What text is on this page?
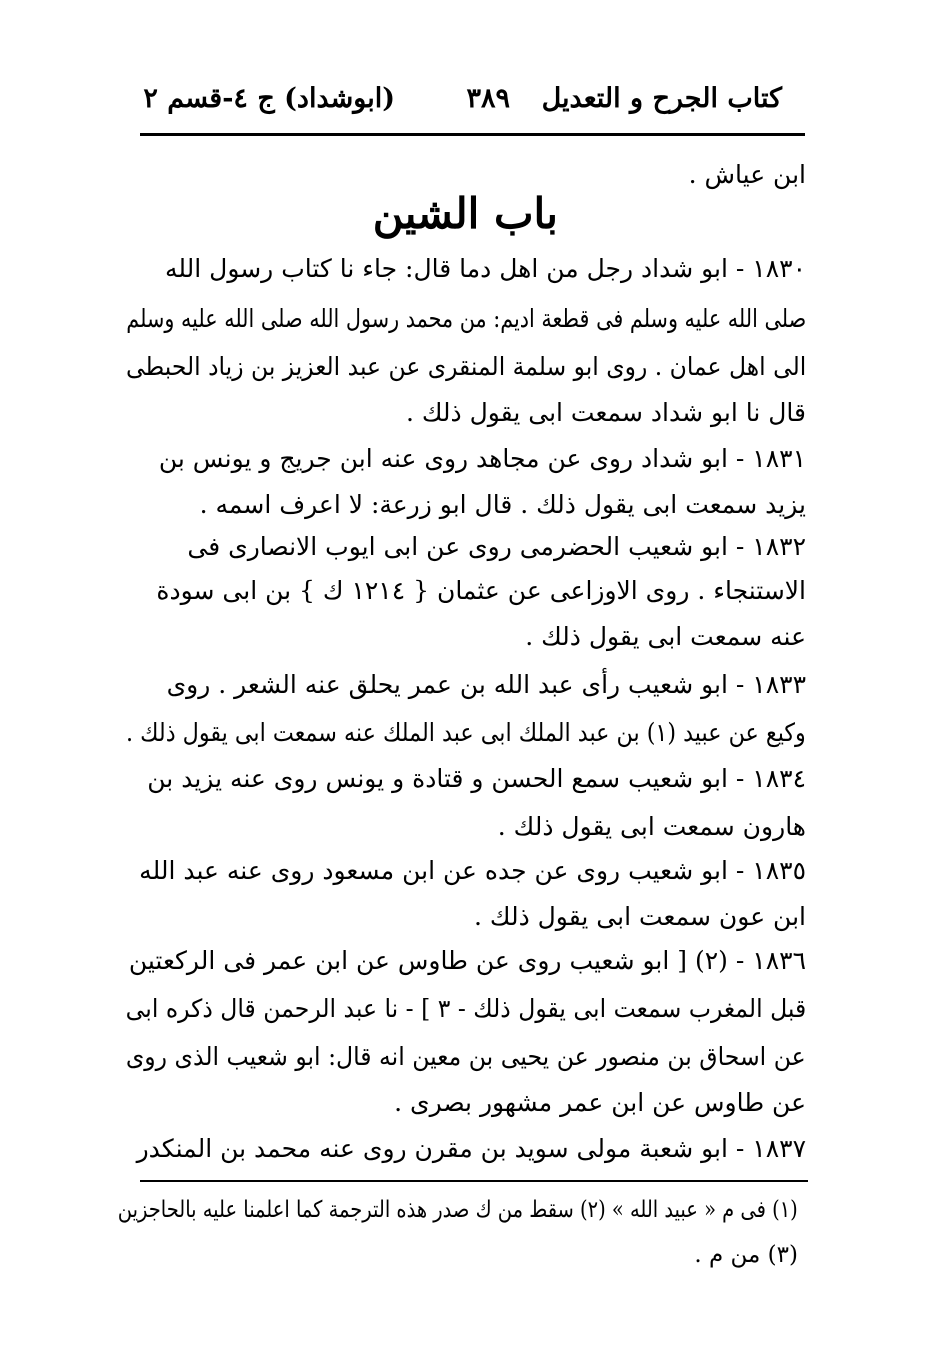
كتاب الجرح و التعديل
٣٨٩
(ابوشداد) ج ٤-قسم ٢
ابن عياش .
باب الشين
١٨٣٠ - ابو شداد رجل من اهل دما قال: جاء نا كتاب رسول الله
صلى الله عليه وسلم فى قطعة اديم: من محمد رسول الله صلى الله عليه وسلم
الى اهل عمان . روى ابو سلمة المنقرى عن عبد العزيز بن زياد الحبطى
قال نا ابو شداد سمعت ابى يقول ذلك .
١٨٣١ - ابو شداد روى عن مجاهد روى عنه ابن جريج و يونس بن
يزيد سمعت ابى يقول ذلك . قال ابو زرعة: لا اعرف اسمه .
١٨٣٢ - ابو شعيب الحضرمى روى عن ابى ايوب الانصارى فى
الاستنجاء . روى الاوزاعى عن عثمان { ١٢١٤ ك } بن ابى سودة
عنه سمعت ابى يقول ذلك .
١٨٣٣ - ابو شعيب رأى عبد الله بن عمر يحلق عنه الشعر . روى
وكيع عن عبيد (١) بن عبد الملك ابى عبد الملك عنه سمعت ابى يقول ذلك .
١٨٣٤ - ابو شعيب سمع الحسن و قتادة و يونس روى عنه يزيد بن
هارون سمعت ابى يقول ذلك .
١٨٣٥ - ابو شعيب روى عن جده عن ابن مسعود روى عنه عبد الله
ابن عون سمعت ابى يقول ذلك .
١٨٣٦ - (٢) [ ابو شعيب روى عن طاوس عن ابن عمر فى الركعتين
قبل المغرب سمعت ابى يقول ذلك - ٣ ] - نا عبد الرحمن قال ذكره ابى
عن اسحاق بن منصور عن يحيى بن معين انه قال: ابو شعيب الذى روى
عن طاوس عن ابن عمر مشهور بصرى .
١٨٣٧ - ابو شعبة مولى سويد بن مقرن روى عنه محمد بن المنكدر
(١) فى م « عبيد الله » (٢) سقط من ك صدر هذه الترجمة كما اعلمنا عليه بالحاجزين
(٣) من م .
